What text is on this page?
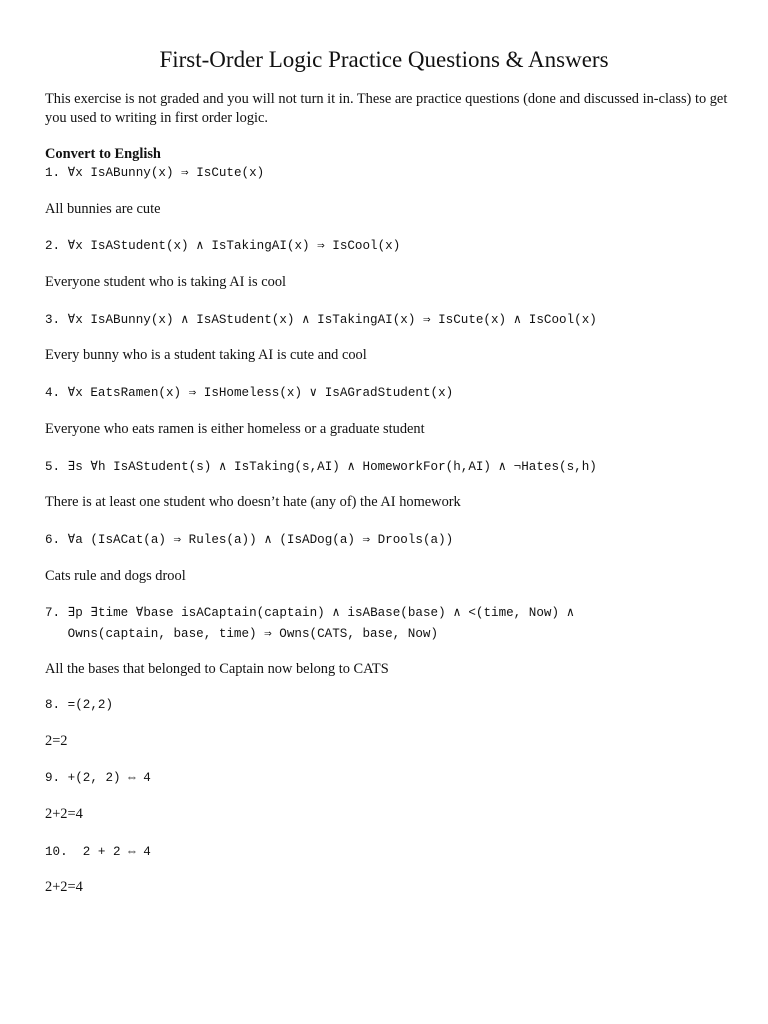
First-Order Logic Practice Questions & Answers

This exercise is not graded and you will not turn it in. These are practice questions (done and discussed in-class) to get you used to writing in first order logic.

Convert to English

1. ∀x IsABunny(x) ⇒ IsCute(x)

All bunnies are cute

2. ∀x IsAStudent(x) ∧ IsTakingAI(x) ⇒ IsCool(x)

Everyone student who is taking AI is cool

3. ∀x IsABunny(x) ∧ IsAStudent(x) ∧ IsTakingAI(x) ⇒ IsCute(x) ∧ IsCool(x)

Every bunny who is a student taking AI is cute and cool

4. ∀x EatsRamen(x) ⇒ IsHomeless(x) ∨ IsAGradStudent(x)

Everyone who eats ramen is either homeless or a graduate student

5. ∃s ∀h IsAStudent(s) ∧ IsTaking(s,AI) ∧ HomeworkFor(h,AI) ∧ ¬Hates(s,h)

There is at least one student who doesn’t hate (any of) the AI homework

6. ∀a (IsACat(a) ⇒ Rules(a)) ∧ (IsADog(a) ⇒ Drools(a))

Cats rule and dogs drool

7. ∃p ∃time ∀base isACaptain(captain) ∧ isABase(base) ∧ <(time, Now) ∧
Owns(captain, base, time) ⇒ Owns(CATS, base, Now)

All the bases that belonged to Captain now belong to CATS

8. =(2,2)

2=2

9. +(2, 2) ⇔ 4

2+2=4

10.  2 + 2 ⇔ 4

2+2=4
